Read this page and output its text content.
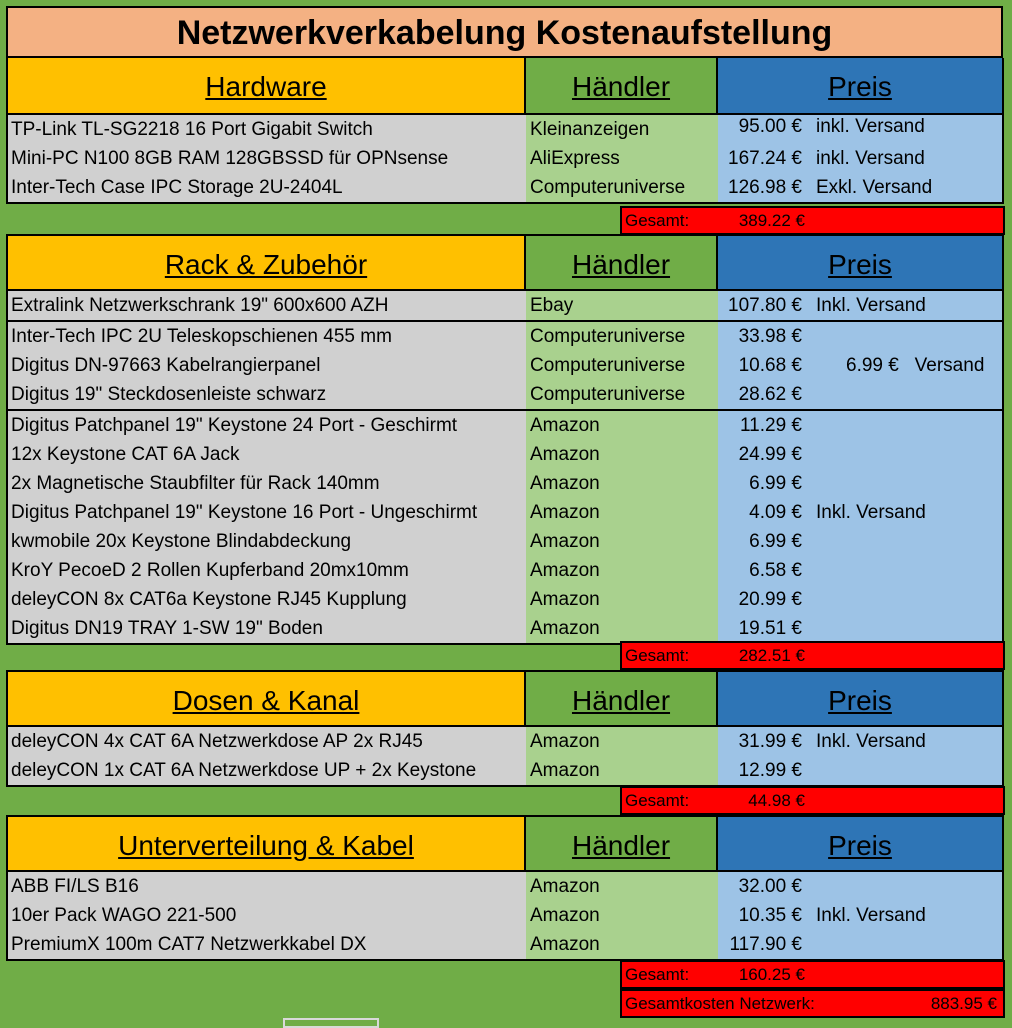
Netzwerkverkabelung Kostenaufstellung
Hardware	Händler	Preis
TP-Link TL-SG2218 16 Port Gigabit Switch	Kleinanzeigen	95.00 € inkl. Versand
Mini-PC N100 8GB RAM 128GBSSD für OPNsense	AliExpress	167.24 € inkl. Versand
Inter-Tech Case IPC Storage 2U-2404L	Computeruniverse	126.98 € Exkl. Versand
Gesamt:	389.22 €
Rack & Zubehör	Händler	Preis
Extralink Netzwerkschrank 19" 600x600 AZH	Ebay	107.80 € Inkl. Versand
Inter-Tech IPC 2U Teleskopschienen 455 mm	Computeruniverse	33.98 €
Digitus DN-97663 Kabelrangierpanel	Computeruniverse	10.68 € 6.99 €   Versand
Digitus 19" Steckdosenleiste schwarz	Computeruniverse	28.62 €
Digitus Patchpanel 19" Keystone 24 Port - Geschirmt	Amazon	11.29 €
12x Keystone CAT 6A Jack	Amazon	24.99 €
2x Magnetische Staubfilter für Rack 140mm	Amazon	6.99 €
Digitus Patchpanel 19" Keystone 16 Port - Ungeschirmt	Amazon	4.09 € Inkl. Versand
kwmobile 20x Keystone Blindabdeckung	Amazon	6.99 €
KroY PecoeD 2 Rollen Kupferband 20mx10mm	Amazon	6.58 €
deleyCON 8x CAT6a Keystone RJ45 Kupplung	Amazon	20.99 €
Digitus DN19 TRAY 1-SW 19" Boden	Amazon	19.51 €
Gesamt:	282.51 €
Dosen & Kanal	Händler	Preis
deleyCON 4x CAT 6A Netzwerkdose AP 2x RJ45	Amazon	31.99 € Inkl. Versand
deleyCON 1x CAT 6A Netzwerkdose UP + 2x Keystone	Amazon	12.99 €
Gesamt:	44.98 €
Unterverteilung & Kabel	Händler	Preis
ABB FI/LS B16	Amazon	32.00 €
10er Pack WAGO 221-500	Amazon	10.35 € Inkl. Versand
PremiumX 100m CAT7 Netzwerkkabel DX	Amazon	117.90 €
Gesamt:	160.25 €
Gesamtkosten Netzwerk:	883.95 €
